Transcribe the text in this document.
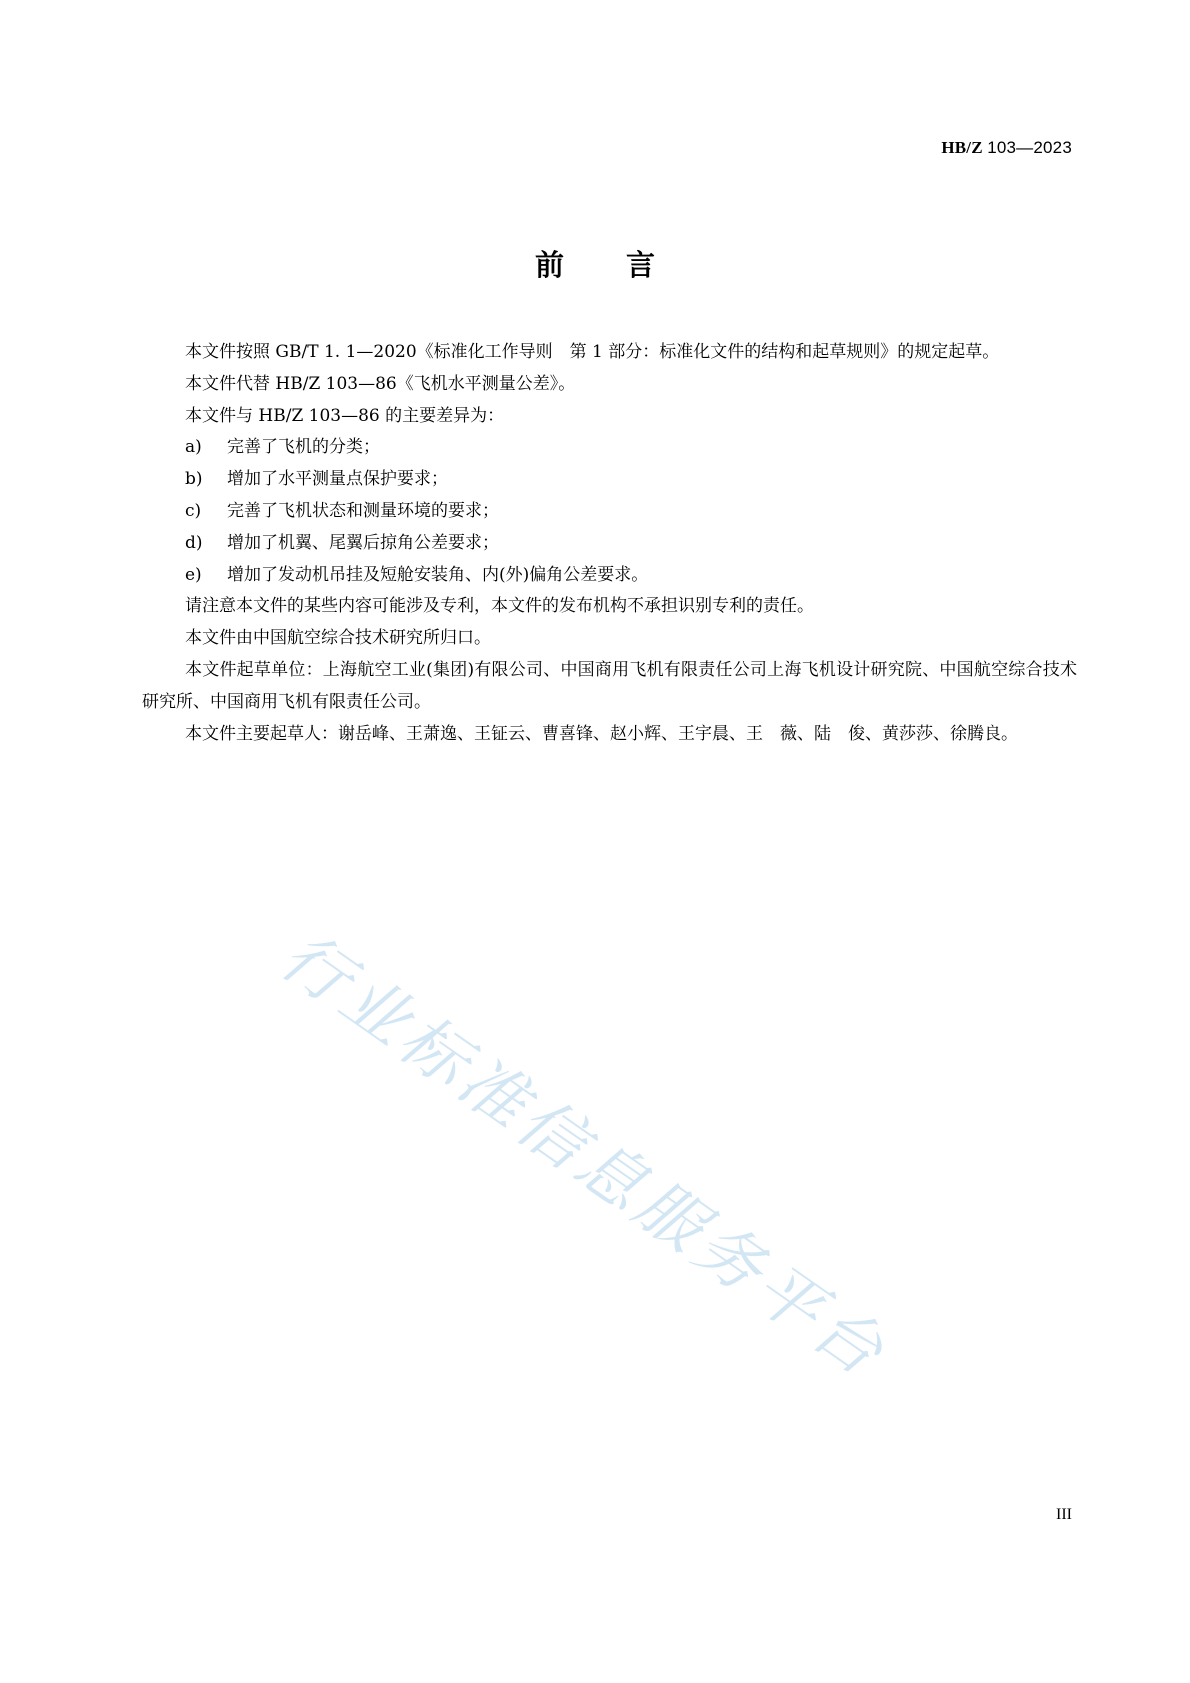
HB/Z 103—2023
前 言

本文件按照 GB/T 1. 1—2020《标准化工作导则　第 1 部分：标准化文件的结构和起草规则》的规定起草。

本文件代替 HB/Z 103—86《飞机水平测量公差》。

本文件与 HB/Z 103—86 的主要差异为：

a) 完善了飞机的分类；

b) 增加了水平测量点保护要求；

c) 完善了飞机状态和测量环境的要求；

d) 增加了机翼、尾翼后掠角公差要求；

e) 增加了发动机吊挂及短舱安装角、内(外)偏角公差要求。

请注意本文件的某些内容可能涉及专利，本文件的发布机构不承担识别专利的责任。

本文件由中国航空综合技术研究所归口。

本文件起草单位：上海航空工业(集团)有限公司、中国商用飞机有限责任公司上海飞机设计研究院、中国航空综合技术研究所、中国商用飞机有限责任公司。

本文件主要起草人：谢岳峰、王萧逸、王钲云、曹喜锋、赵小辉、王宇晨、王　薇、陆　俊、黄莎莎、徐腾良。

行业标准信息服务平台
III
